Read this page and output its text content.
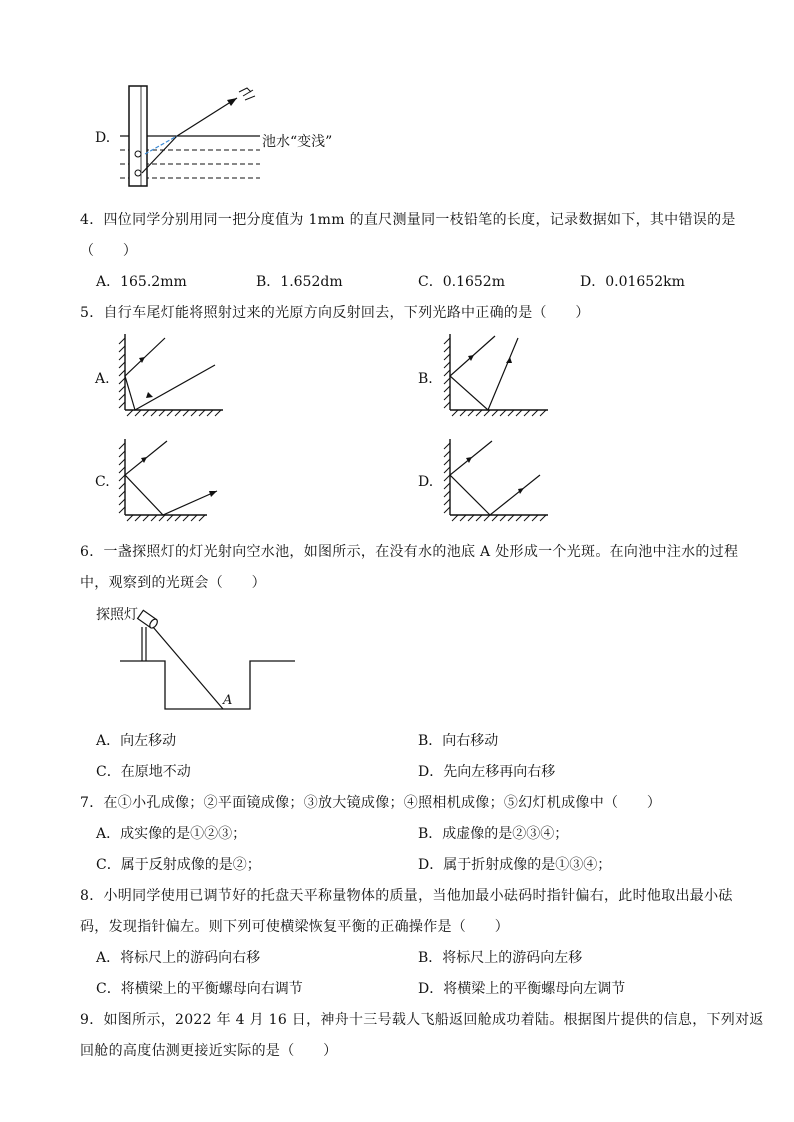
D.	池水“变浅”
4．四位同学分别用同一把分度值为 1mm 的直尺测量同一枝铅笔的长度，记录数据如下，其中错误的是
（　　）
A．165.2mm	B．1.652dm	C．0.1652m	D．0.01652km
5．自行车尾灯能将照射过来的光原方向反射回去，下列光路中正确的是（　　）
A.	B.
C.	D.
6．一盏探照灯的灯光射向空水池，如图所示，在没有水的池底 A 处形成一个光斑。在向池中注水的过程
中，观察到的光斑会（　　）
探照灯
A
A．向左移动	B．向右移动
C．在原地不动	D．先向左移再向右移
7．在①小孔成像；②平面镜成像；③放大镜成像；④照相机成像；⑤幻灯机成像中（　　）
A．成实像的是①②③；	B．成虚像的是②③④；
C．属于反射成像的是②；	D．属于折射成像的是①③④；
8．小明同学使用已调节好的托盘天平称量物体的质量，当他加最小砝码时指针偏右，此时他取出最小砝
码，发现指针偏左。则下列可使横梁恢复平衡的正确操作是（　　）
A．将标尺上的游码向右移	B．将标尺上的游码向左移
C．将横梁上的平衡螺母向右调节	D．将横梁上的平衡螺母向左调节
9．如图所示，2022 年 4 月 16 日，神舟十三号载人飞船返回舱成功着陆。根据图片提供的信息，下列对返
回舱的高度估测更接近实际的是（　　）
